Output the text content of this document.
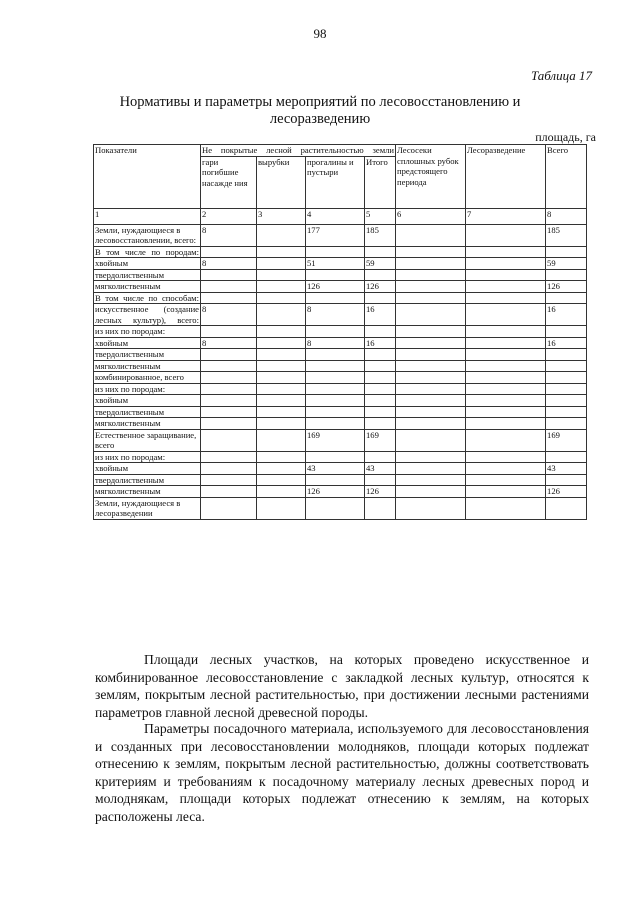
98
Таблица 17
Нормативы и параметры мероприятий по лесовосстановлению и
лесоразведению
площадь, га
Показатели	Не покрытые лесной растительностью земли				Лесосеки сплошных рубок предстоящего периода	Лесоразведение	Всего
	гари погибшие насажде ния	вырубки	прогалины и пустыри	Итого			
1	2	3	4	5	6	7	8
Земли, нуждающиеся в лесовосстановлении, всего:	8		177	185			185
В том числе по породам:							
хвойным	8		51	59			59
твердолиственным							
мягколиственным			126	126			126
В том числе по способам:							
искусственное (создание лесных культур), всего:	8		8	16			16
из них по породам:							
хвойным	8		8	16			16
твердолиственным							
мягколиственным							
комбинированное, всего							
из них по породам:							
хвойным							
твердолиственным							
мягколиственным							
Естественное заращивание, всего			169	169			169
из них по породам:							
хвойным			43	43			43
твердолиственным							
мягколиственным			126	126			126
Земли, нуждающиеся в лесоразведении							

Площади лесных участков, на которых проведено искусственное и комбинированное лесовосстановление с закладкой лесных культур, относятся к землям, покрытым лесной растительностью, при достижении лесными растениями параметров главной лесной древесной породы.

Параметры посадочного материала, используемого для лесовосстановления и созданных при лесовосстановлении молодняков, площади которых подлежат отнесению к землям, покрытым лесной растительностью, должны соответствовать критериям и требованиям к посадочному материалу лесных древесных пород и молоднякам, площади которых подлежат отнесению к землям, на которых расположены леса.
